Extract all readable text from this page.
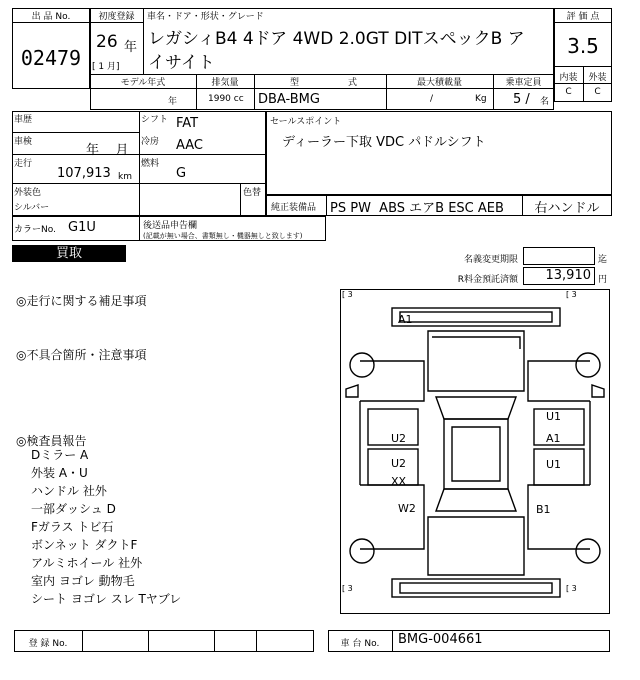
出 品 No.
02479
初度登録
26 年
[ 1 月]
車名・ドア・形状・グレード
レガシィB4 4ドア 4WD 2.0GT DITスペックB ア
イサイト
評 価 点
3.5
内装	外装
C	C
モデル年式
年
排気量
1990 cc
型	式
DBA-BMG
最大積載量
/	Kg
乗車定員
5 / 名
車歴
車検
年    月
走行
107,913 km
シフト FAT
冷房 AAC
燃料
G
外装色
シルバー
色替
セールスポイント
ディーラー下取 VDC パドルシフト
純正装備品 PS PW  ABS エアB ESC AEB	右ハンドル
カラーNo. G1U	後送品申告欄
(記載が無い場合、書類無し・機器無しと致します)
買取	名義変更期限	迄
R料金預託済額	13,910 円
◎走行に関する補足事項
◎不具合箇所・注意事項
◎検査員報告
Dミラー A
外装 A・U
ハンドル 社外
一部ダッシュ D
Fガラス トビ石
ボンネット ダクトF
アルミホイール 社外
室内 ヨゴレ 動物毛
シート ヨゴレ スレ Tヤブレ
[ 3	[ 3
[ 3	[ 3
A1
U1
A1
U1
U2
U2
XX
W2	B1
登 録 No.	車 台 No.	BMG-004661
